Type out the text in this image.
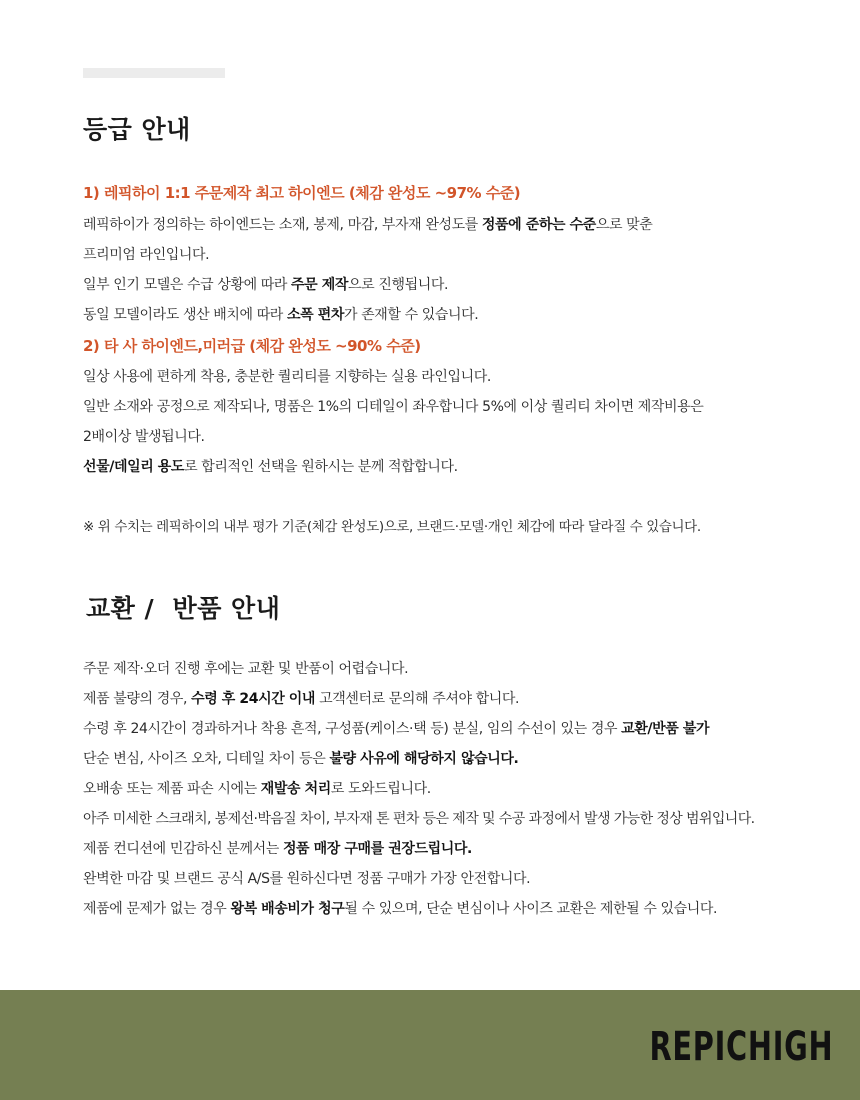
등급 안내
1) 레픽하이 1:1 주문제작 최고 하이엔드 (체감 완성도 ~97% 수준)
레픽하이가 정의하는 하이엔드는 소재, 봉제, 마감, 부자재 완성도를 정품에 준하는 수준으로 맞춘
프리미엄 라인입니다.
일부 인기 모델은 수급 상황에 따라 주문 제작으로 진행됩니다.
동일 모델이라도 생산 배치에 따라 소폭 편차가 존재할 수 있습니다.
2) 타 사 하이엔드,미러급 (체감 완성도 ~90% 수준)
일상 사용에 편하게 착용, 충분한 퀄리티를 지향하는 실용 라인입니다.
일반 소재와 공정으로 제작되나, 명품은 1%의 디테일이 좌우합니다 5%에 이상 퀄리티 차이면 제작비용은
2배이상 발생됩니다.
선물/데일리 용도로 합리적인 선택을 원하시는 분께 적합합니다.
※ 위 수치는 레픽하이의 내부 평가 기준(체감 완성도)으로, 브랜드·모델·개인 체감에 따라 달라질 수 있습니다.
교환 /  반품 안내
주문 제작·오더 진행 후에는 교환 및 반품이 어렵습니다.
제품 불량의 경우, 수령 후 24시간 이내 고객센터로 문의해 주셔야 합니다.
수령 후 24시간이 경과하거나 착용 흔적, 구성품(케이스·택 등) 분실, 임의 수선이 있는 경우 교환/반품 불가
단순 변심, 사이즈 오차, 디테일 차이 등은 불량 사유에 해당하지 않습니다.
오배송 또는 제품 파손 시에는 재발송 처리로 도와드립니다.
아주 미세한 스크래치, 봉제선·박음질 차이, 부자재 톤 편차 등은 제작 및 수공 과정에서 발생 가능한 정상 범위입니다.
제품 컨디션에 민감하신 분께서는 정품 매장 구매를 권장드립니다.
완벽한 마감 및 브랜드 공식 A/S를 원하신다면 정품 구매가 가장 안전합니다.
제품에 문제가 없는 경우 왕복 배송비가 청구될 수 있으며, 단순 변심이나 사이즈 교환은 제한될 수 있습니다.
REPICHIGH
